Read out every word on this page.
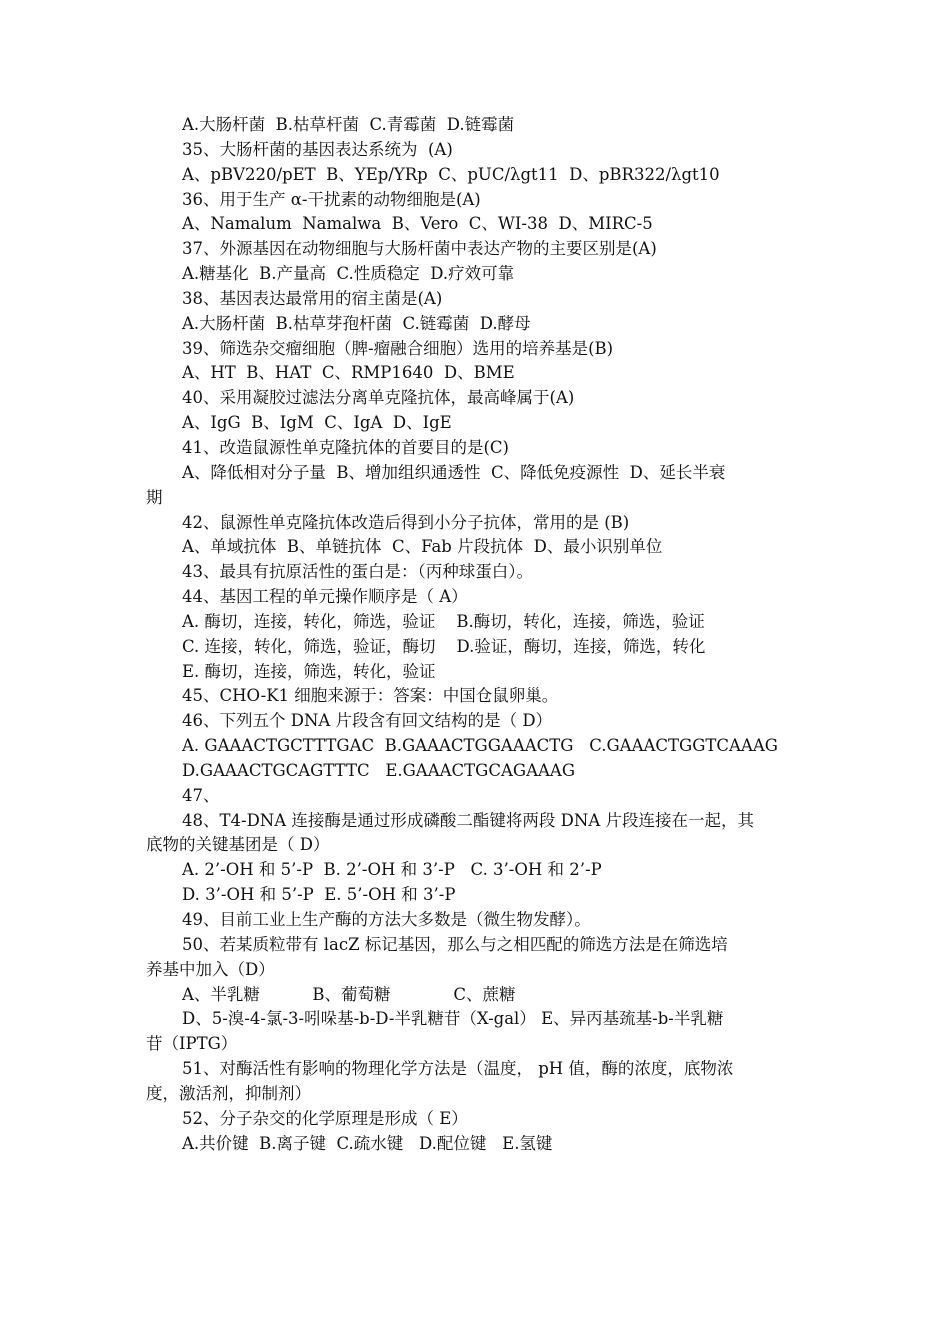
A.大肠杆菌  B.枯草杆菌  C.青霉菌  D.链霉菌
35、大肠杆菌的基因表达系统为  (A)
A、pBV220/pET  B、YEp/YRp  C、pUC/λgt11  D、pBR322/λgt10
36、用于生产 α-干扰素的动物细胞是(A)
A、Namalum  Namalwa  B、Vero  C、WI-38  D、MIRC-5
37、外源基因在动物细胞与大肠杆菌中表达产物的主要区别是(A)
A.糖基化  B.产量高  C.性质稳定  D.疗效可靠
38、基因表达最常用的宿主菌是(A)
A.大肠杆菌  B.枯草芽孢杆菌  C.链霉菌  D.酵母
39、筛选杂交瘤细胞（脾-瘤融合细胞）选用的培养基是(B)
A、HT  B、HAT  C、RMP1640  D、BME
40、采用凝胶过滤法分离单克隆抗体，最高峰属于(A)
A、IgG  B、IgM  C、IgA  D、IgE
41、改造鼠源性单克隆抗体的首要目的是(C)
A、降低相对分子量  B、增加组织通透性  C、降低免疫源性  D、延长半衰
期
42、鼠源性单克隆抗体改造后得到小分子抗体，常用的是 (B)
A、单域抗体  B、单链抗体  C、Fab 片段抗体  D、最小识别单位
43、最具有抗原活性的蛋白是：（丙种球蛋白）。
44、基因工程的单元操作顺序是（ A）
A. 酶切，连接，转化，筛选，验证    B.酶切，转化，连接，筛选，验证
C. 连接，转化，筛选，验证，酶切    D.验证，酶切，连接，筛选，转化
E. 酶切，连接，筛选，转化，验证
45、CHO-K1 细胞来源于：答案：中国仓鼠卵巢。
46、下列五个 DNA 片段含有回文结构的是（ D）
A. GAAACTGCTTTGAC  B.GAAACTGGAAACTG   C.GAAACTGGTCAAAG
D.GAAACTGCAGTTTC   E.GAAACTGCAGAAAG
47、
48、T4-DNA 连接酶是通过形成磷酸二酯键将两段 DNA 片段连接在一起，其
底物的关键基团是（ D）
A. 2’-OH 和 5’-P  B. 2’-OH 和 3’-P   C. 3’-OH 和 2’-P
D. 3’-OH 和 5’-P  E. 5’-OH 和 3’-P
49、目前工业上生产酶的方法大多数是（微生物发酵）。
50、若某质粒带有 lacZ 标记基因，那么与之相匹配的筛选方法是在筛选培
养基中加入（D）
A、半乳糖          B、葡萄糖            C、蔗糖
D、5-溴-4-氯-3-吲哚基-b-D-半乳糖苷（X-gal） E、异丙基巯基-b-半乳糖
苷（IPTG）
51、对酶活性有影响的物理化学方法是（温度， pH 值，酶的浓度，底物浓
度，激活剂，抑制剂）
52、分子杂交的化学原理是形成（ E）
A.共价键  B.离子键  C.疏水键   D.配位键   E.氢键
